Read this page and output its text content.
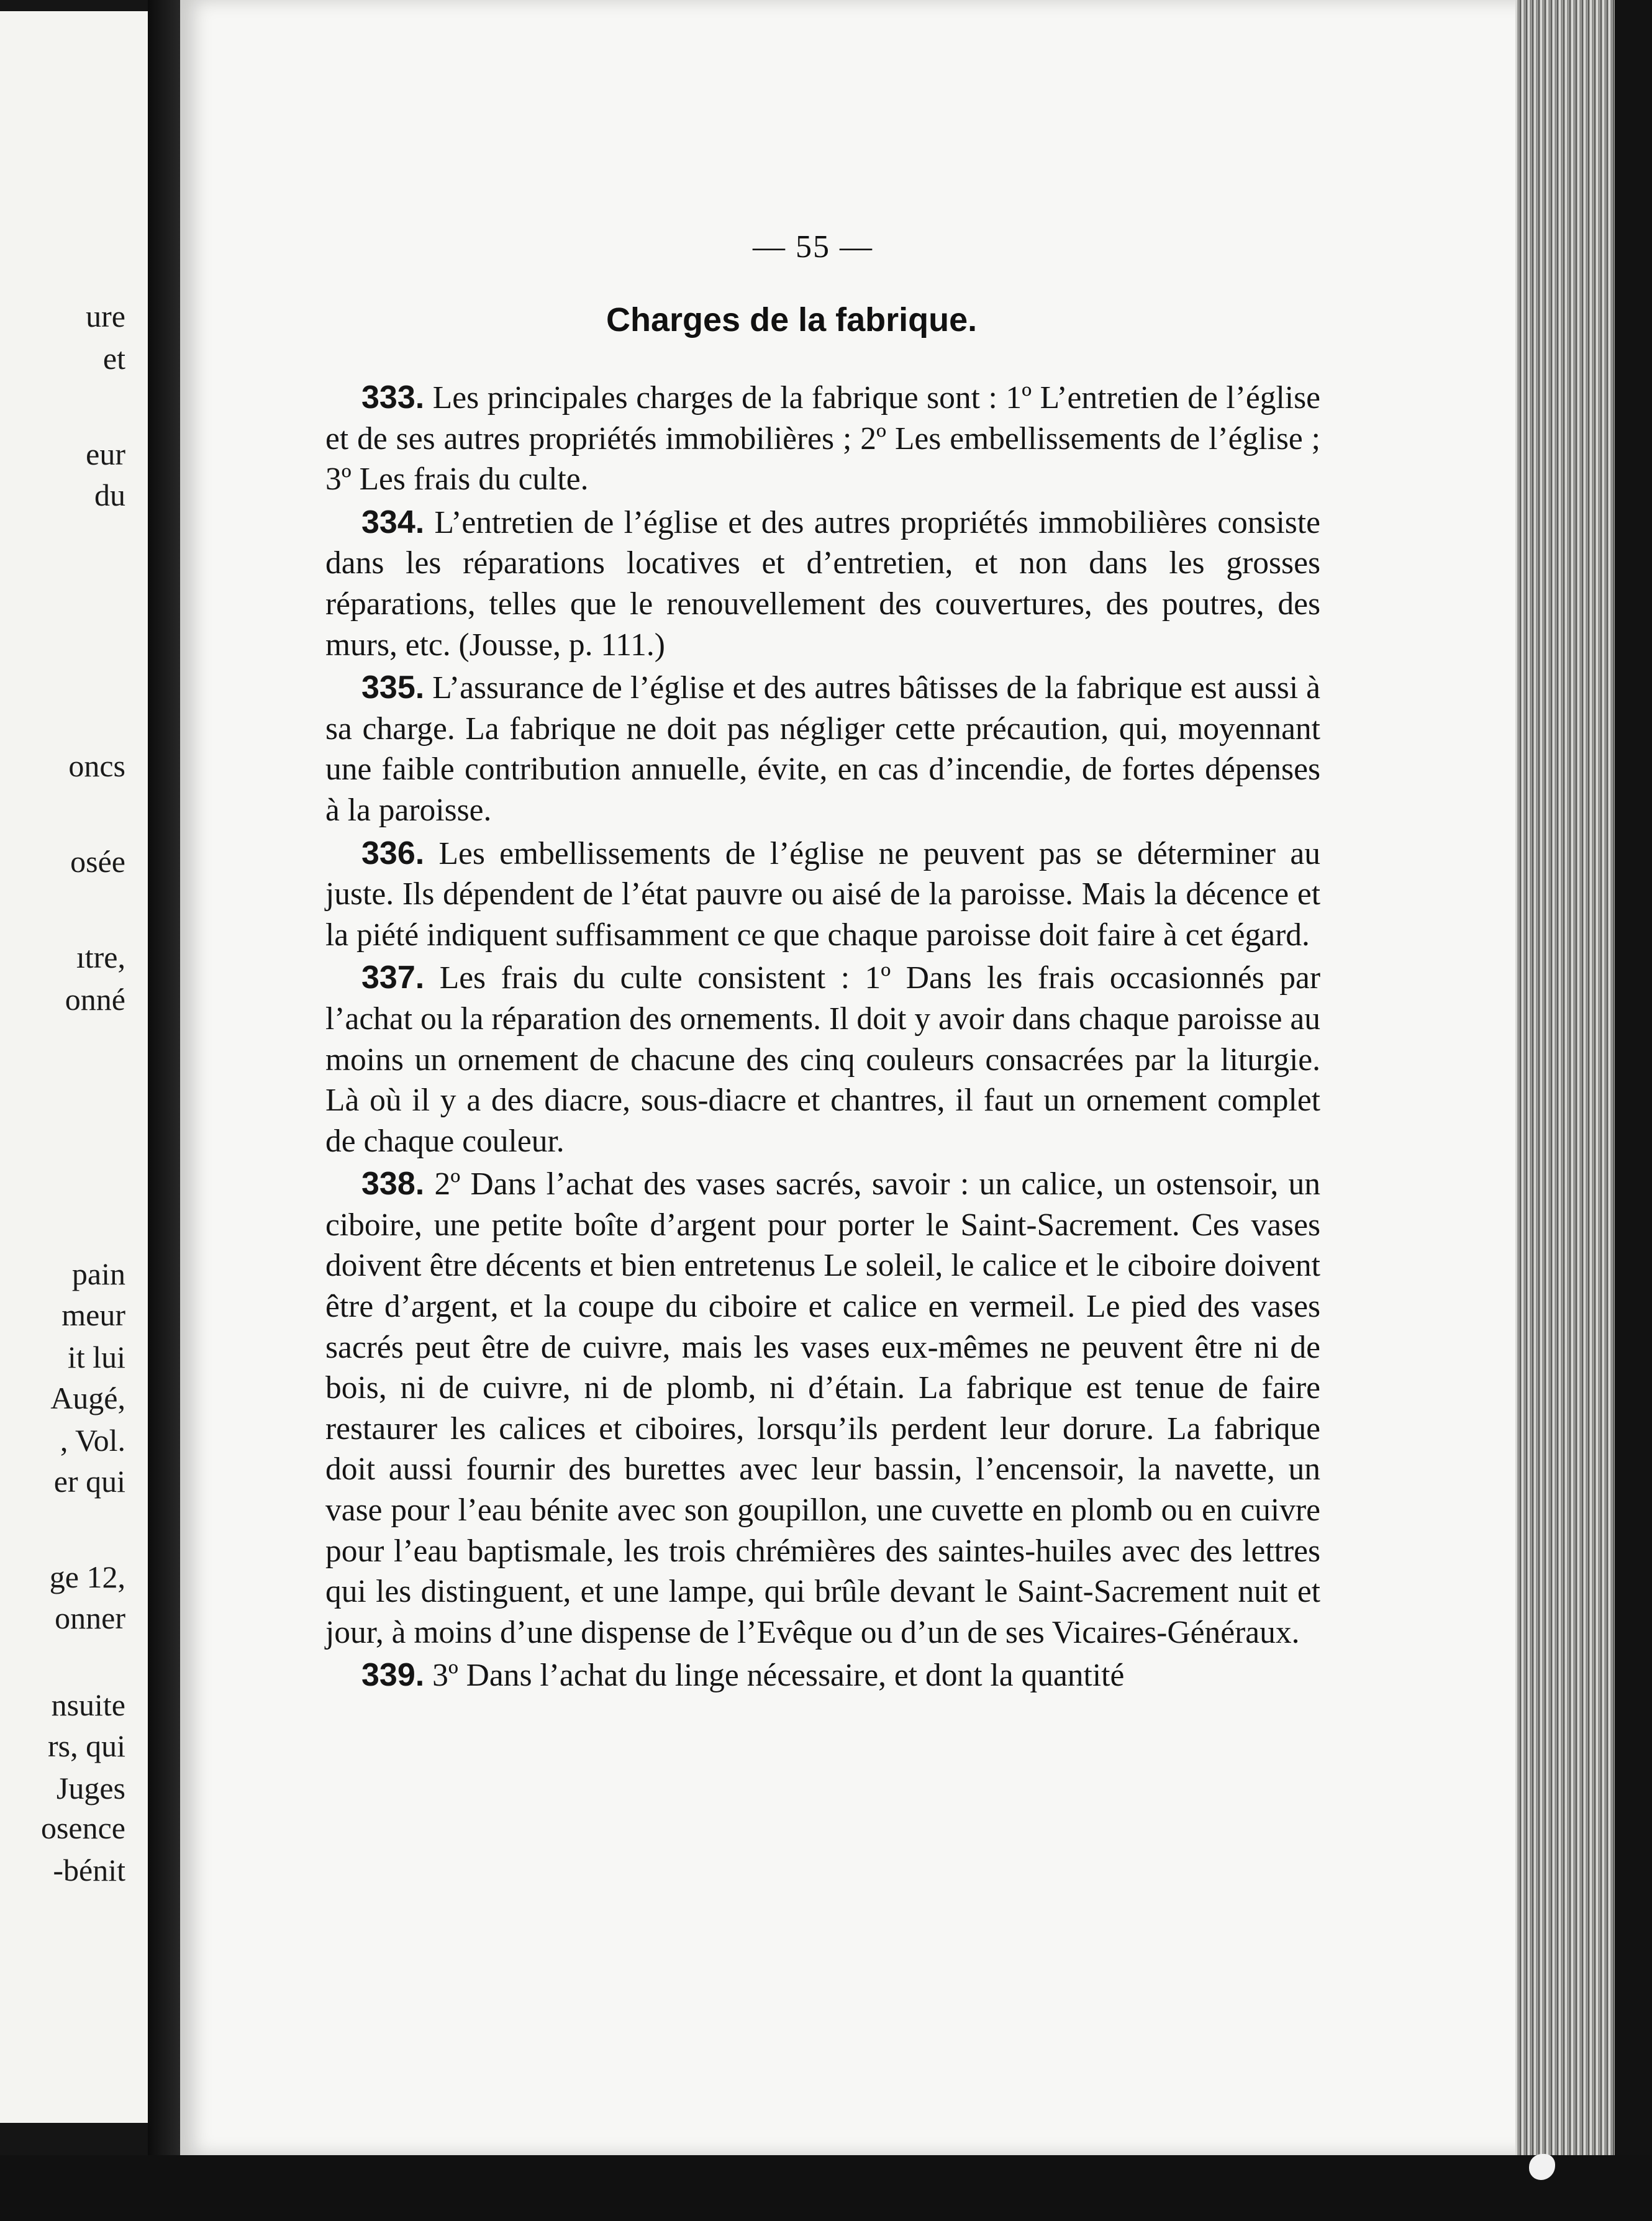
ure
et
eur
du
oncs
osée
ıtre,
onné
pain
meur
it lui
Augé,
, Vol.
er qui
ge 12,
onner
nsuite
rs, qui
Juges
osence
-bénit
— 55 —
Charges de la fabrique.

333. Les principales charges de la fabrique sont : 1º L’entretien de l’église et de ses autres propriétés immobilières ; 2º Les embellissements de l’église ; 3º Les frais du culte.

334. L’entretien de l’église et des autres propriétés immobilières consiste dans les réparations locatives et d’entretien, et non dans les grosses réparations, telles que le renouvellement des couvertures, des poutres, des murs, etc. (Jousse, p. 111.)

335. L’assurance de l’église et des autres bâtisses de la fabrique est aussi à sa charge. La fabrique ne doit pas négliger cette précaution, qui, moyennant une faible contribution annuelle, évite, en cas d’incendie, de fortes dépenses à la paroisse.

336. Les embellissements de l’église ne peuvent pas se déterminer au juste. Ils dépendent de l’état pauvre ou aisé de la paroisse. Mais la décence et la piété indiquent suffisamment ce que chaque paroisse doit faire à cet égard.

337. Les frais du culte consistent : 1º Dans les frais occasionnés par l’achat ou la réparation des ornements. Il doit y avoir dans chaque paroisse au moins un ornement de chacune des cinq couleurs consacrées par la liturgie. Là où il y a des diacre, sous-diacre et chantres, il faut un ornement complet de chaque couleur.

338. 2º Dans l’achat des vases sacrés, savoir : un calice, un ostensoir, un ciboire, une petite boîte d’argent pour porter le Saint-Sacrement. Ces vases doivent être décents et bien entretenus Le soleil, le calice et le ciboire doivent être d’argent, et la coupe du ciboire et calice en vermeil. Le pied des vases sacrés peut être de cuivre, mais les vases eux-mêmes ne peuvent être ni de bois, ni de cuivre, ni de plomb, ni d’étain. La fabrique est tenue de faire restaurer les calices et ciboires, lorsqu’ils perdent leur dorure. La fabrique doit aussi fournir des burettes avec leur bassin, l’encensoir, la navette, un vase pour l’eau bénite avec son goupillon, une cuvette en plomb ou en cuivre pour l’eau baptismale, les trois chrémières des saintes-huiles avec des lettres qui les distinguent, et une lampe, qui brûle devant le Saint-Sacrement nuit et jour, à moins d’une dispense de l’Evêque ou d’un de ses Vicaires-Généraux.

339. 3º Dans l’achat du linge nécessaire, et dont la quantité
